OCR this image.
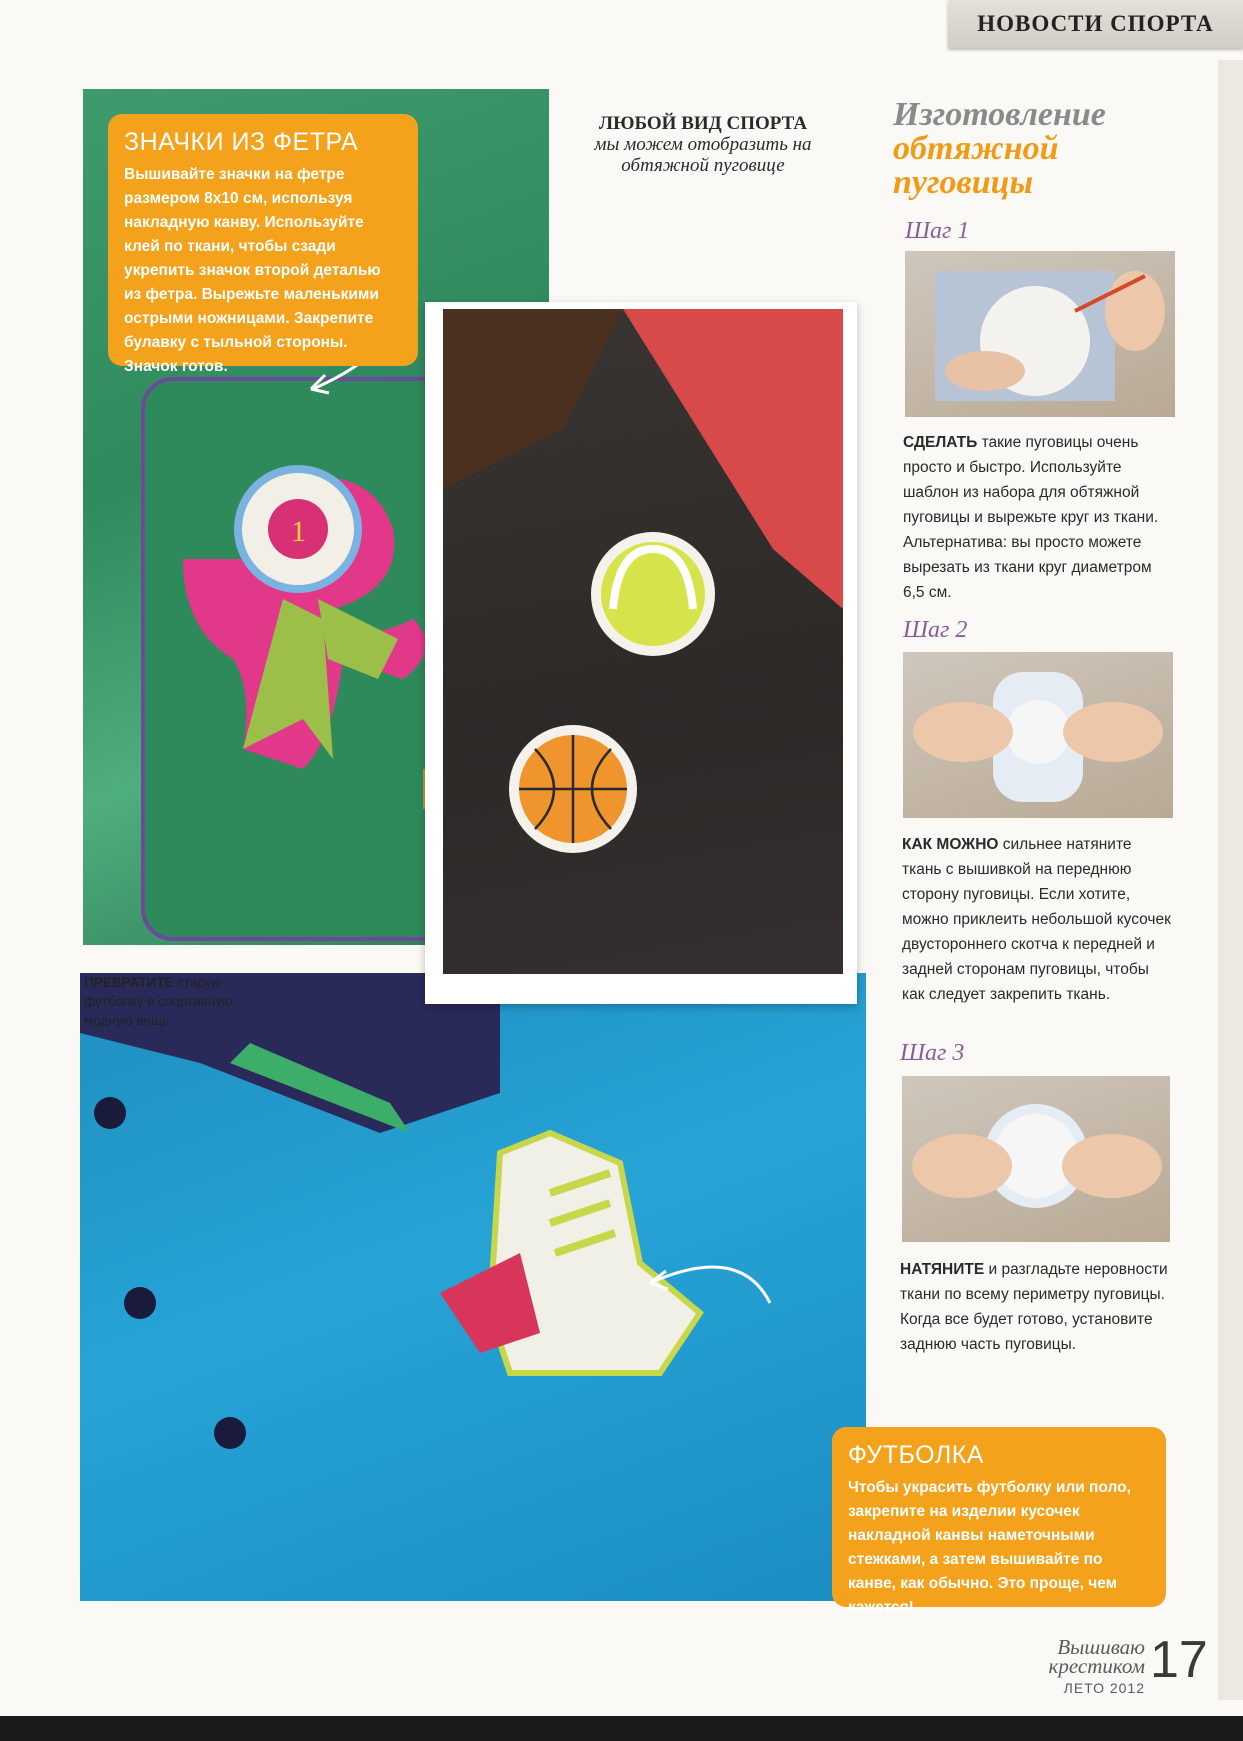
НОВОСТИ СПОРТА
1
ЗНАЧКИ ИЗ ФЕТРА

Вышивайте значки на фетре размером 8x10 см, используя накладную канву. Используйте клей по ткани, чтобы сзади укрепить значок второй деталью из фетра. Вырежьте маленькими острыми ножницами. Закрепите булавку с тыльной стороны. Значок готов.

ПРЕВРАТИТЕ старую футболку в спортивную модную вещь
ЛЮБОЙ ВИД СПОРТА
мы можем отобразить на обтяжной пуговице
Изготовление
обтяжной
пуговицы
Шаг 1
СДЕЛАТЬ такие пуговицы очень просто и быстро. Используйте шаблон из набора для обтяжной пуговицы и вырежьте круг из ткани. Альтернатива: вы просто можете вырезать из ткани круг диаметром 6,5 см.
Шаг 2
КАК МОЖНО сильнее натяните ткань с вышивкой на переднюю сторону пуговицы. Если хотите, можно приклеить небольшой кусочек двустороннего скотча к передней и задней сторонам пуговицы, чтобы как следует закрепить ткань.
Шаг 3
НАТЯНИТЕ и разгладьте неровности ткани по всему периметру пуговицы. Когда все будет готово, установите заднюю часть пуговицы.
ФУТБОЛКА

Чтобы украсить футболку или поло, закрепите на изделии кусочек накладной канвы наметочными стежками, а затем вышивайте по канве, как обычно. Это проще, чем кажется!

Вышиваю крестиком
ЛЕТО 2012 17
